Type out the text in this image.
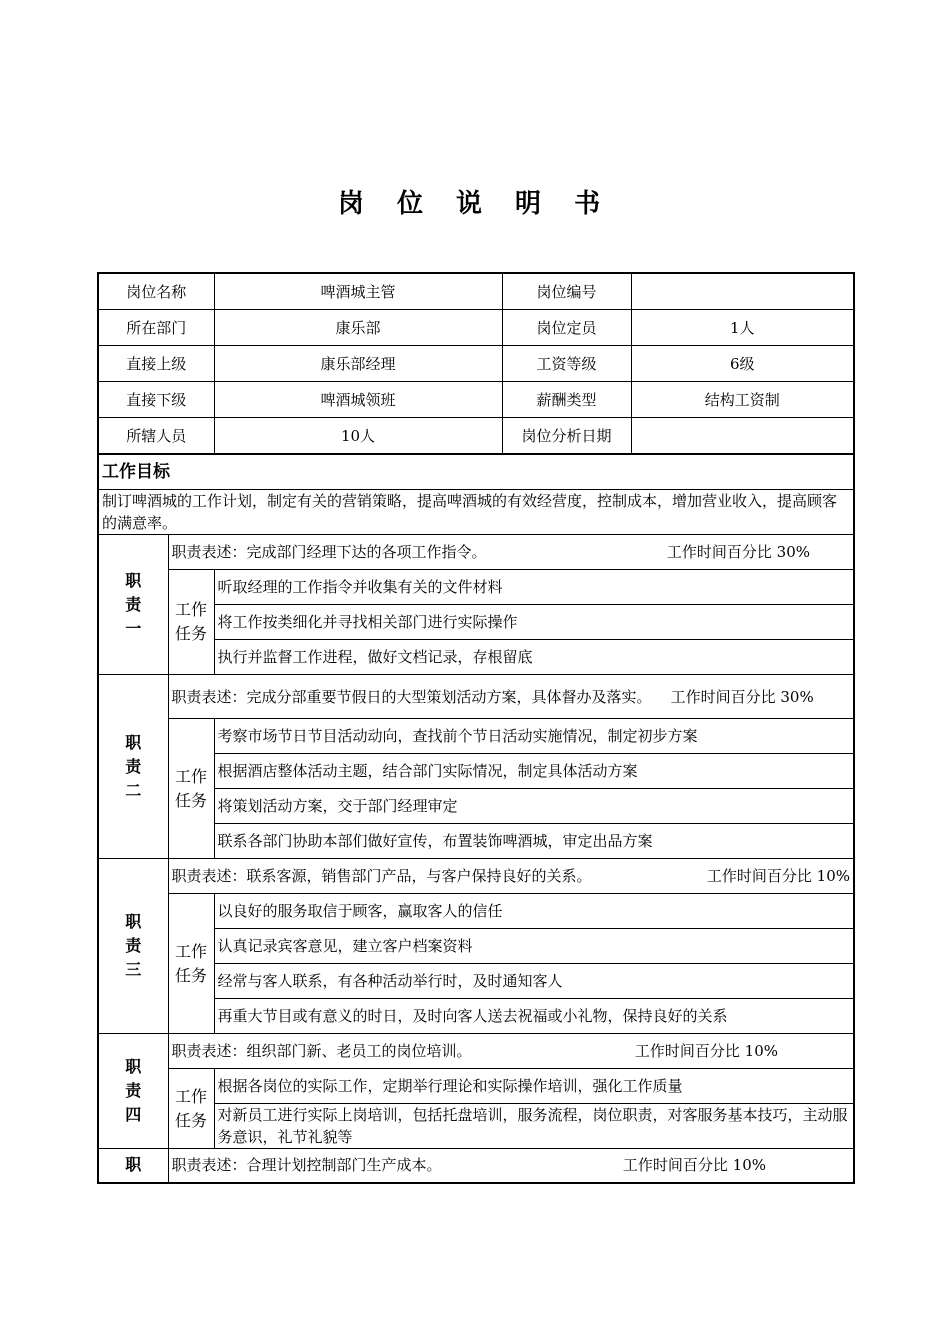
岗 位 说 明 书
岗位名称		啤酒城主管	岗位编号	
所在部门		康乐部	岗位定员	1人
直接上级		康乐部经理	工资等级	6级
直接下级		啤酒城领班	薪酬类型	结构工资制
所辖人员		10人	岗位分析日期	
工作目标				
制订啤酒城的工作计划，制定有关的营销策略，提高啤酒城的有效经营度，控制成本，增加营业收入，提高顾客的满意率。				
职
责
一	职责表述：完成部门经理下达的各项工作指令。 工作时间百分比 30%			

	工作
任务	听取经理的工作指令并收集有关的文件材料		
		将工作按类细化并寻找相关部门进行实际操作		
		执行并监督工作进程，做好文档记录，存根留底		
职
责
二	职责表述：完成分部重要节假日的大型策划活动方案，具体督办及落实。 工作时间百分比 30%			
	工作
任务	考察市场节日节目活动动向，查找前个节日活动实施情况，制定初步方案		
		根据酒店整体活动主题，结合部门实际情况，制定具体活动方案		
		将策划活动方案，交于部门经理审定		
		联系各部门协助本部们做好宣传，布置装饰啤酒城，审定出品方案		
职
责
三	职责表述：联系客源，销售部门产品，与客户保持良好的关系。 工作时间百分比 10%			

	工作
任务	以良好的服务取信于顾客，赢取客人的信任		
		认真记录宾客意见，建立客户档案资料		
		经常与客人联系，有各种活动举行时，及时通知客人		
		再重大节目或有意义的时日，及时向客人送去祝福或小礼物，保持良好的关系		
职
责
四	职责表述：组织部门新、老员工的岗位培训。 工作时间百分比 10%			

	工作
任务	根据各岗位的实际工作，定期举行理论和实际操作培训，强化工作质量		
		对新员工进行实际上岗培训，包括托盘培训，服务流程，岗位职责，对客服务基本技巧，主动服务意识，礼节礼貌等		
职	职责表述：合理计划控制部门生产成本。 工作时间百分比 10%			
